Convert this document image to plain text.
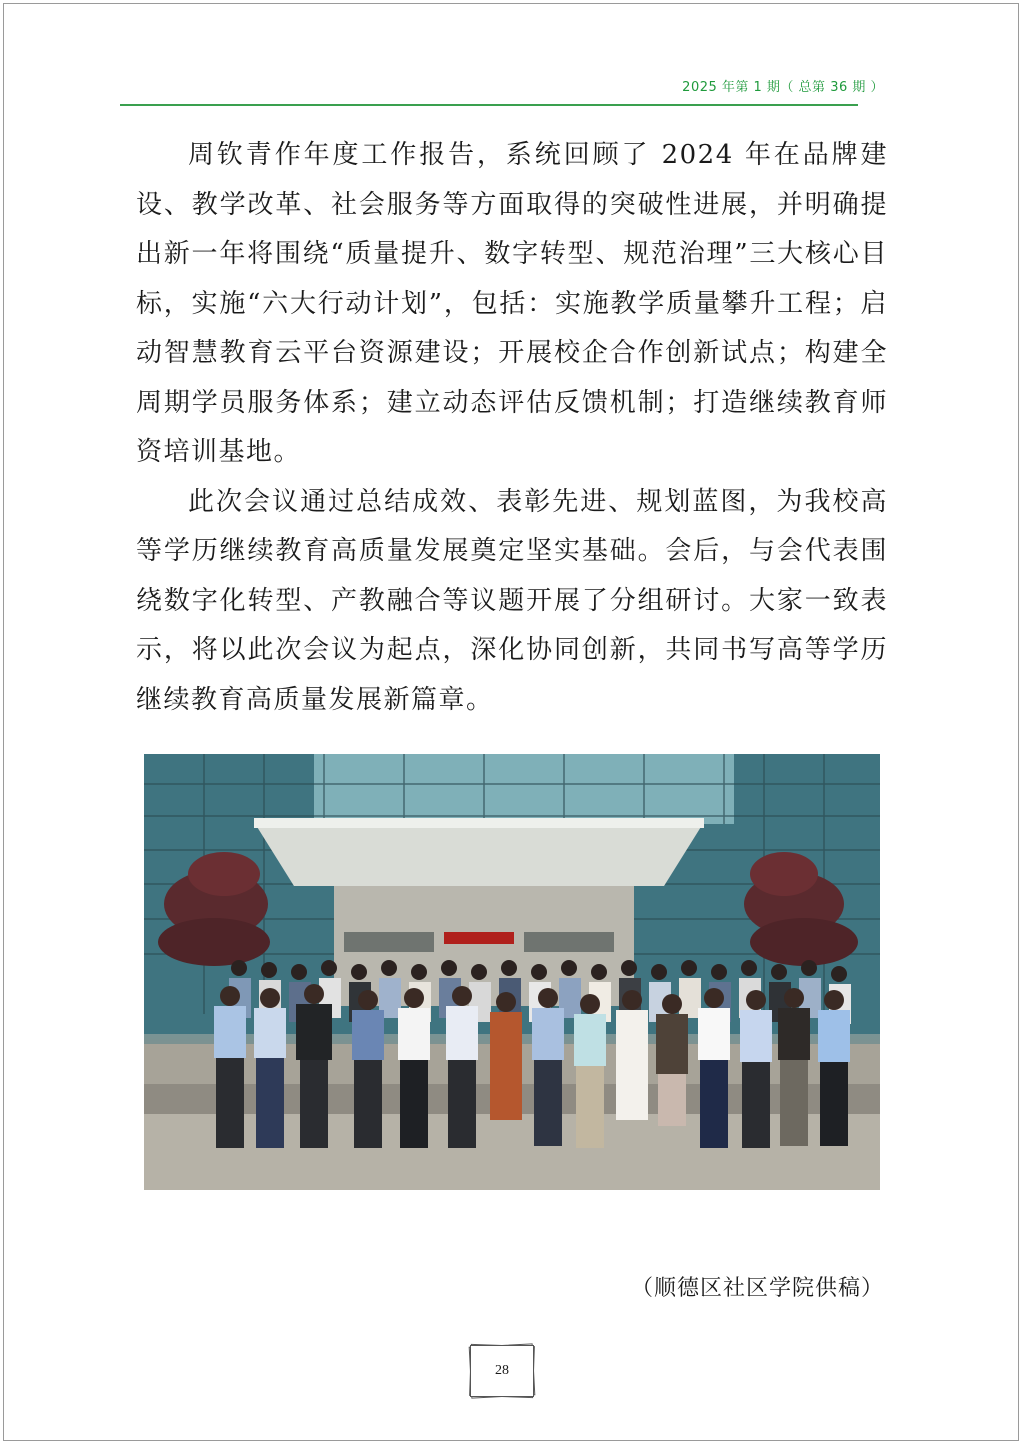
2025 年第 1 期（ 总第 36 期 ）

周钦青作年度工作报告，系统回顾了 2024 年在品牌建设、教学改革、社会服务等方面取得的突破性进展，并明确提出新一年将围绕“质量提升、数字转型、规范治理”三大核心目标，实施“六大行动计划”，包括：实施教学质量攀升工程；启动智慧教育云平台资源建设；开展校企合作创新试点；构建全周期学员服务体系；建立动态评估反馈机制；打造继续教育师资培训基地。

此次会议通过总结成效、表彰先进、规划蓝图，为我校高等学历继续教育高质量发展奠定坚实基础。会后，与会代表围绕数字化转型、产教融合等议题开展了分组研讨。大家一致表示，将以此次会议为起点，深化协同创新，共同书写高等学历继续教育高质量发展新篇章。

（顺德区社区学院供稿）
28
